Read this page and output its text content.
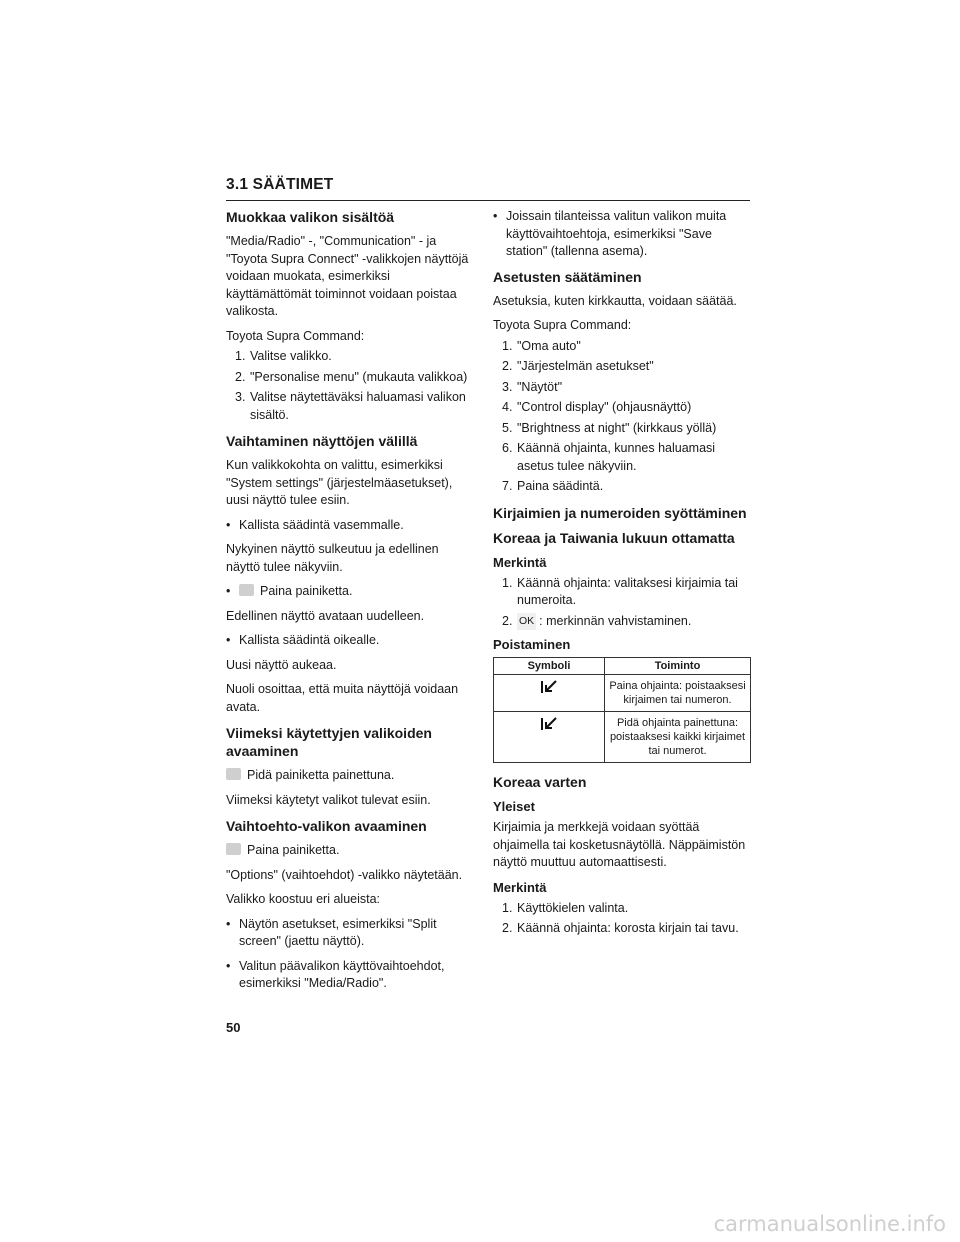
3.1 SÄÄTIMET
Muokkaa valikon sisältöä
"Media/Radio" -, "Communication" - ja "Toyota Supra Connect" -valikkojen näyttöjä voidaan muokata, esimerkiksi käyttämättömät toiminnot voidaan poistaa valikosta.
Toyota Supra Command:
1. Valitse valikko.
2. "Personalise menu" (mukauta valikkoa)
3. Valitse näytettäväksi haluamasi valikon sisältö.
Vaihtaminen näyttöjen välillä
Kun valikkokohta on valittu, esimerkiksi "System settings" (järjestelmäasetukset), uusi näyttö tulee esiin.
• Kallista säädintä vasemmalle.
Nykyinen näyttö sulkeutuu ja edellinen näyttö tulee näkyviin.
•	Paina painiketta.
Edellinen näyttö avataan uudelleen.
• Kallista säädintä oikealle.
Uusi näyttö aukeaa.
Nuoli osoittaa, että muita näyttöjä voidaan avata.
Viimeksi käytettyjen valikoiden avaaminen
Pidä painiketta painettuna.
Viimeksi käytetyt valikot tulevat esiin.
Vaihtoehto-valikon avaaminen
Paina painiketta.
"Options" (vaihtoehdot) -valikko näytetään.
Valikko koostuu eri alueista:
• Näytön asetukset, esimerkiksi "Split screen" (jaettu näyttö).
• Valitun päävalikon käyttövaihtoehdot, esimerkiksi "Media/Radio".
• Joissain tilanteissa valitun valikon muita käyttövaihtoehtoja, esimerkiksi "Save station" (tallenna asema).
Asetusten säätäminen
Asetuksia, kuten kirkkautta, voidaan säätää.
Toyota Supra Command:
1. "Oma auto"
2. "Järjestelmän asetukset"
3. "Näytöt"
4. "Control display" (ohjausnäyttö)
5. "Brightness at night" (kirkkaus yöllä)
6. Käännä ohjainta, kunnes haluamasi asetus tulee näkyviin.
7. Paina säädintä.
Kirjaimien ja numeroiden syöttäminen
Koreaa ja Taiwania lukuun ottamatta
Merkintä
1. Käännä ohjainta: valitaksesi kirjaimia tai numeroita.
2. OK : merkinnän vahvistaminen.
Poistaminen
Symboli	Toiminto
	Paina ohjainta: poistaaksesi kirjaimen tai numeron.
	Pidä ohjainta painettuna: poistaaksesi kaikki kirjaimet tai numerot.
Koreaa varten
Yleiset
Kirjaimia ja merkkejä voidaan syöttää ohjaimella tai kosketusnäytöllä. Näppäimistön näyttö muuttuu automaattisesti.
Merkintä
1. Käyttökielen valinta.
2. Käännä ohjainta: korosta kirjain tai tavu.
50
carmanualsonline.info
